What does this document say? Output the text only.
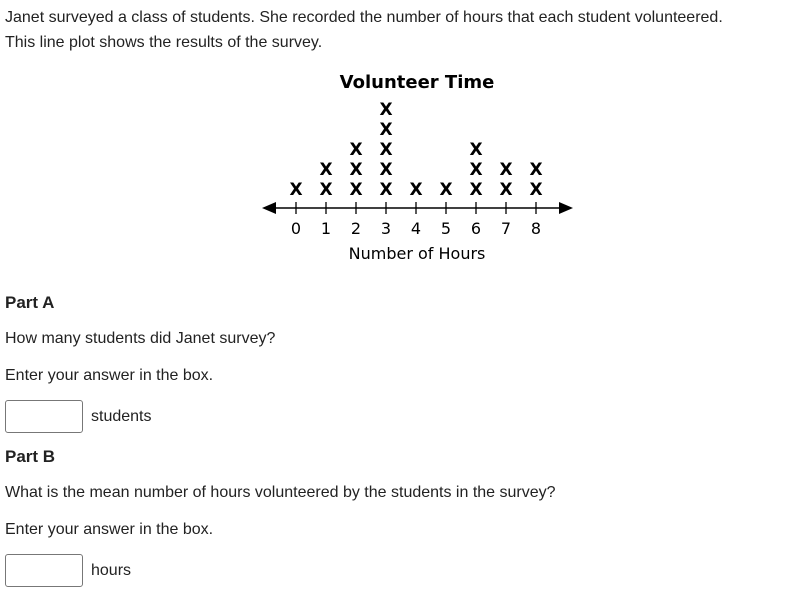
Janet surveyed a class of students. She recorded the number of hours that each student volunteered.

This line plot shows the results of the survey.

Volunteer Time
0 1 2 3 4 5 6 7 8
X X
X
X
X
X
X
X
X
X
X
X X X
X
X
X
X
X
X
Number of Hours
Part A
How many students did Janet survey?
Enter your answer in the box.
students
Part B
What is the mean number of hours volunteered by the students in the survey?
Enter your answer in the box.
hours
